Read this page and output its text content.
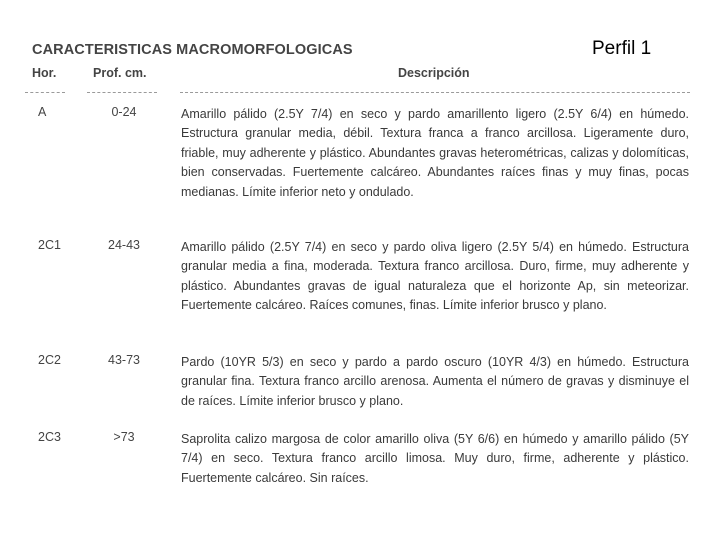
CARACTERISTICAS MACROMORFOLOGICAS	Perfil 1
Hor.	Prof. cm.	Descripción
A	0-24	Amarillo pálido (2.5Y 7/4) en seco y pardo amarillento ligero (2.5Y 6/4) en húmedo. Estructura granular media, débil. Textura franca a franco arcillosa. Ligeramente duro, friable, muy adherente y plástico. Abundantes gravas heterométricas, calizas y dolomíticas, bien conservadas. Fuertemente calcáreo. Abundantes raíces finas y muy finas, pocas medianas. Límite inferior neto y ondulado.
2C1	24-43	Amarillo pálido (2.5Y 7/4) en seco y pardo oliva ligero (2.5Y 5/4) en húmedo. Estructura granular media a fina, moderada. Textura franco arcillosa. Duro, firme, muy adherente y plástico. Abundantes gravas de igual naturaleza que el horizonte Ap, sin meteorizar. Fuertemente calcáreo. Raíces comunes, finas. Límite inferior brusco y plano.
2C2	43-73	Pardo (10YR 5/3) en seco y pardo a pardo oscuro (10YR 4/3) en húmedo. Estructura granular fina. Textura franco arcillo arenosa. Aumenta el número de gravas y disminuye el de raíces. Límite inferior brusco y plano.
2C3	>73	Saprolita calizo margosa de color amarillo oliva (5Y 6/6) en húmedo y amarillo pálido (5Y 7/4) en seco. Textura franco arcillo limosa. Muy duro, firme, adherente y plástico. Fuertemente calcáreo. Sin raíces.
